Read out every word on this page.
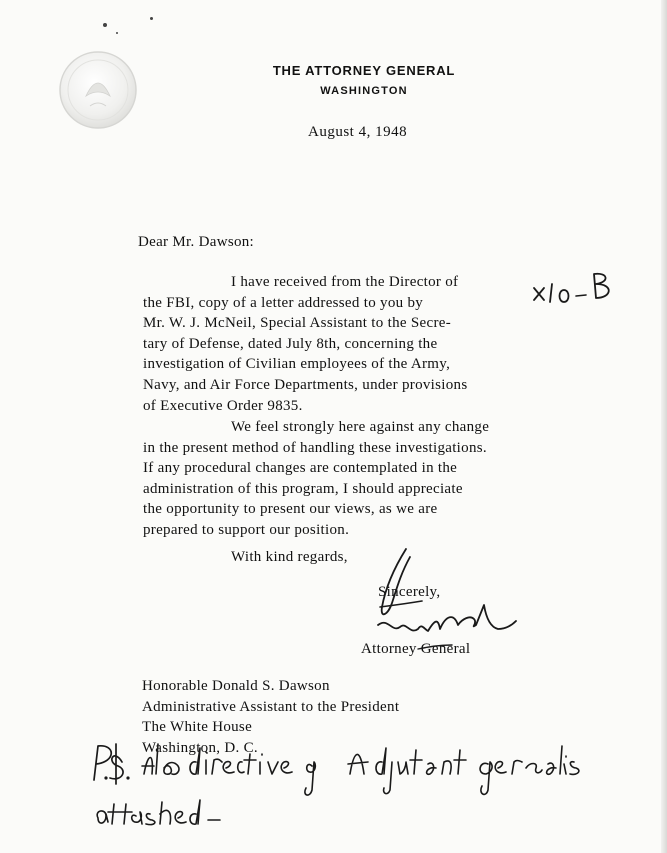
THE ATTORNEY GENERAL
WASHINGTON
August 4, 1948
Dear Mr. Dawson:
I have received from the Director of
the FBI, copy of a letter addressed to you by
Mr. W. J. McNeil, Special Assistant to the Secre-
tary of Defense, dated July 8th, concerning the
investigation of Civilian employees of the Army,
Navy, and Air Force Departments, under provisions
of Executive Order 9835.
We feel strongly here against any change
in the present method of handling these investigations.
If any procedural changes are contemplated in the
administration of this program, I should appreciate
the opportunity to present our views, as we are
prepared to support our position.
With kind regards,
Sincerely,
Attorney General
Honorable Donald S. Dawson
Administrative Assistant to the President
The White House
Washington, D. C.
